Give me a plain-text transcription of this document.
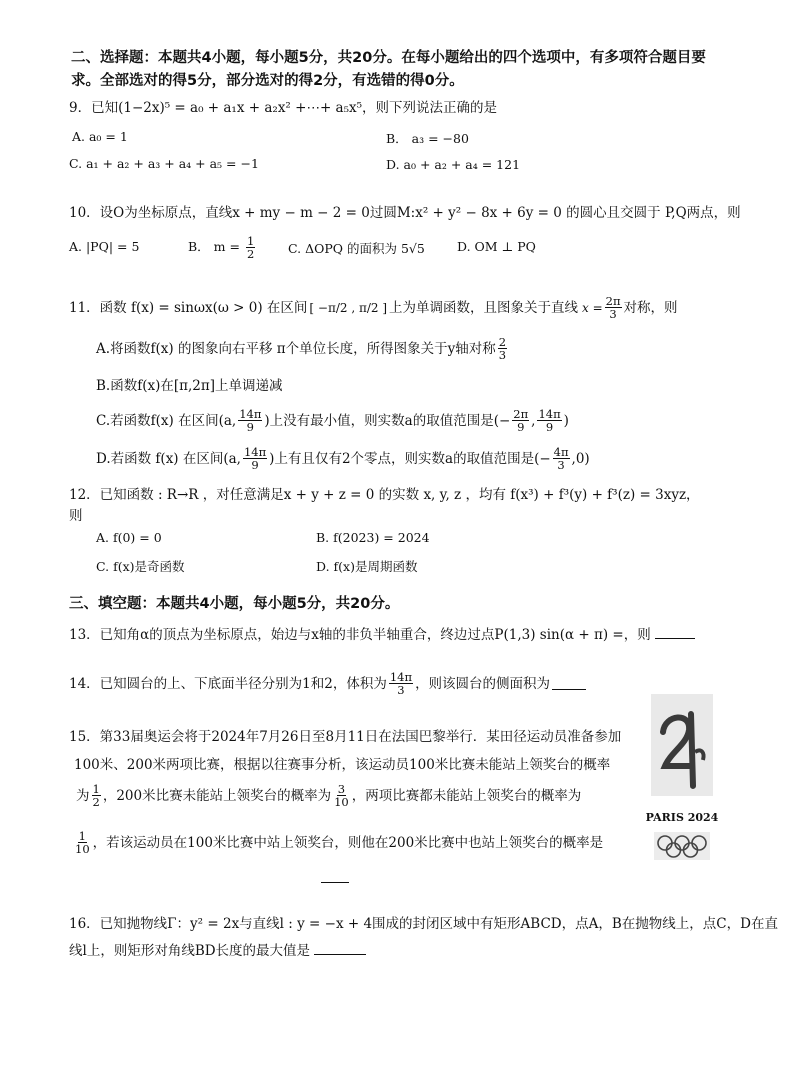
二、选择题：本题共4小题，每小题5分，共20分。在每小题给出的四个选项中，有多项符合题目要
求。全部选对的得5分，部分选对的得2分，有选错的得0分。
9．已知(1−2x)⁵ = a₀ + a₁x + a₂x² +⋯+ a₅x⁵，则下列说法正确的是
A. a₀ = 1	B． a₃ = −80
C. a₁ + a₂ + a₃ + a₄ + a₅ = −1	D. a₀ + a₂ + a₄ = 121
10．设O为坐标原点，直线x + my − m − 2 = 0过圆M:x² + y² − 8x + 6y = 0 的圆心且交圆于 P,Q两点，则
A. |PQ| = 5	B． $m = \frac{1}{2}$	C. ΔOPQ 的面积为 5√5	D. OM ⊥ PQ
11．函数 f(x) = sinωx(ω > 0) 在区间 [ −π/2 , π/2 ] 上为单调函数，且图象关于直线 $x = \frac{2\pi}{3}$ 对称，则
A.将函数f(x) 的图象向右平移 π个单位长度，所得图象关于y轴对称 $\frac{2}{3}$
B.函数f(x)在[π,2π]上单调递减
C.若函数f(x) 在区间(a, $\frac{14\pi}{9}$ )上没有最小值，则实数a的取值范围是(− $\frac{2\pi}{9}$ , $\frac{14\pi}{9}$ )
D.若函数 f(x) 在区间(a, $\frac{14\pi}{9}$ )上有且仅有2个零点，则实数a的取值范围是(− $\frac{4\pi}{3} ,0$)
12．已知函数 : R→R ，对任意满足x + y + z = 0 的实数 x, y, z ，均有 f(x³) + f³(y) + f³(z) = 3xyz，
则
A. f(0) = 0	B. f(2023) = 2024
C. f(x)是奇函数	D. f(x)是周期函数
三、填空题：本题共4小题，每小题5分，共20分。
13．已知角α的顶点为坐标原点，始边与x轴的非负半轴重合，终边过点P(1,3) sin(α + π) =，则
14．已知圆台的上、下底面半径分别为1和2，体积为 $\frac{14\pi}{3}$ ，则该圆台的侧面积为
15．第33届奥运会将于2024年7月26日至8月11日在法国巴黎举行．某田径运动员准备参加
100米、200米两项比赛，根据以往赛事分析，该运动员100米比赛未能站上领奖台的概率
为 $\frac{1}{2}$ ，200米比赛未能站上领奖台的概率为 $\frac{3}{10}$ ，两项比赛都未能站上领奖台的概率为
$\frac{1}{10}$ ，若该运动员在100米比赛中站上领奖台，则他在200米比赛中也站上领奖台的概率是
PARIS 2024
16．已知抛物线Γ：y² = 2x与直线l : y = −x + 4围成的封闭区域中有矩形ABCD，点A，B在抛物线上，点C，D在直
线l上，则矩形对角线BD长度的最大值是
